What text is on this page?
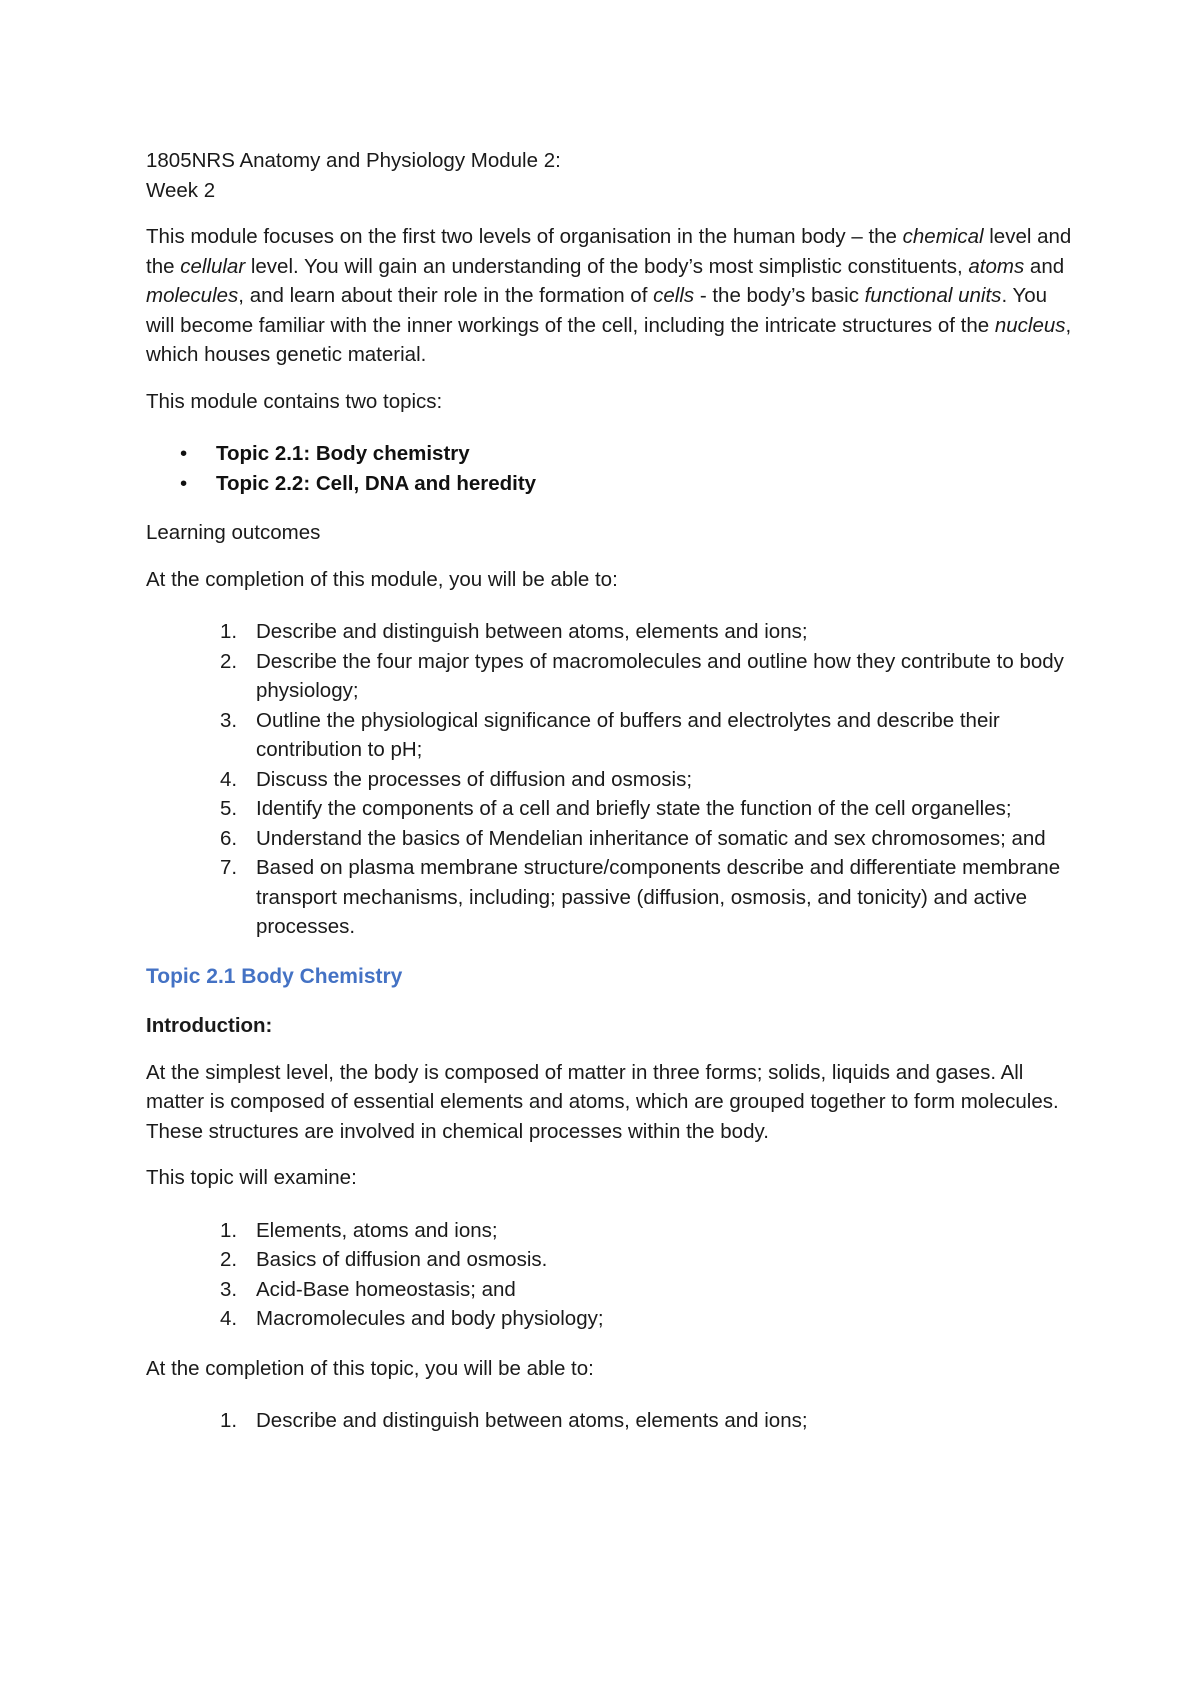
1805NRS Anatomy and Physiology Module 2:

Week 2

This module focuses on the first two levels of organisation in the human body – the chemical level and the cellular level. You will gain an understanding of the body’s most simplistic constituents, atoms and molecules, and learn about their role in the formation of cells - the body’s basic functional units. You will become familiar with the inner workings of the cell, including the intricate structures of the nucleus, which houses genetic material.

This module contains two topics:

• Topic 2.1: Body chemistry
• Topic 2.2: Cell, DNA and heredity

Learning outcomes

At the completion of this module, you will be able to:

1. Describe and distinguish between atoms, elements and ions;
2. Describe the four major types of macromolecules and outline how they contribute to body physiology;
3. Outline the physiological significance of buffers and electrolytes and describe their contribution to pH;
4. Discuss the processes of diffusion and osmosis;
5. Identify the components of a cell and briefly state the function of the cell organelles;
6. Understand the basics of Mendelian inheritance of somatic and sex chromosomes; and
7. Based on plasma membrane structure/components describe and differentiate membrane transport mechanisms, including; passive (diffusion, osmosis, and tonicity) and active processes.

Topic 2.1 Body Chemistry

Introduction:

At the simplest level, the body is composed of matter in three forms; solids, liquids and gases. All matter is composed of essential elements and atoms, which are grouped together to form molecules. These structures are involved in chemical processes within the body.

This topic will examine:

1. Elements, atoms and ions;
2. Basics of diffusion and osmosis.
3. Acid-Base homeostasis; and
4. Macromolecules and body physiology;

At the completion of this topic, you will be able to:

1. Describe and distinguish between atoms, elements and ions;
